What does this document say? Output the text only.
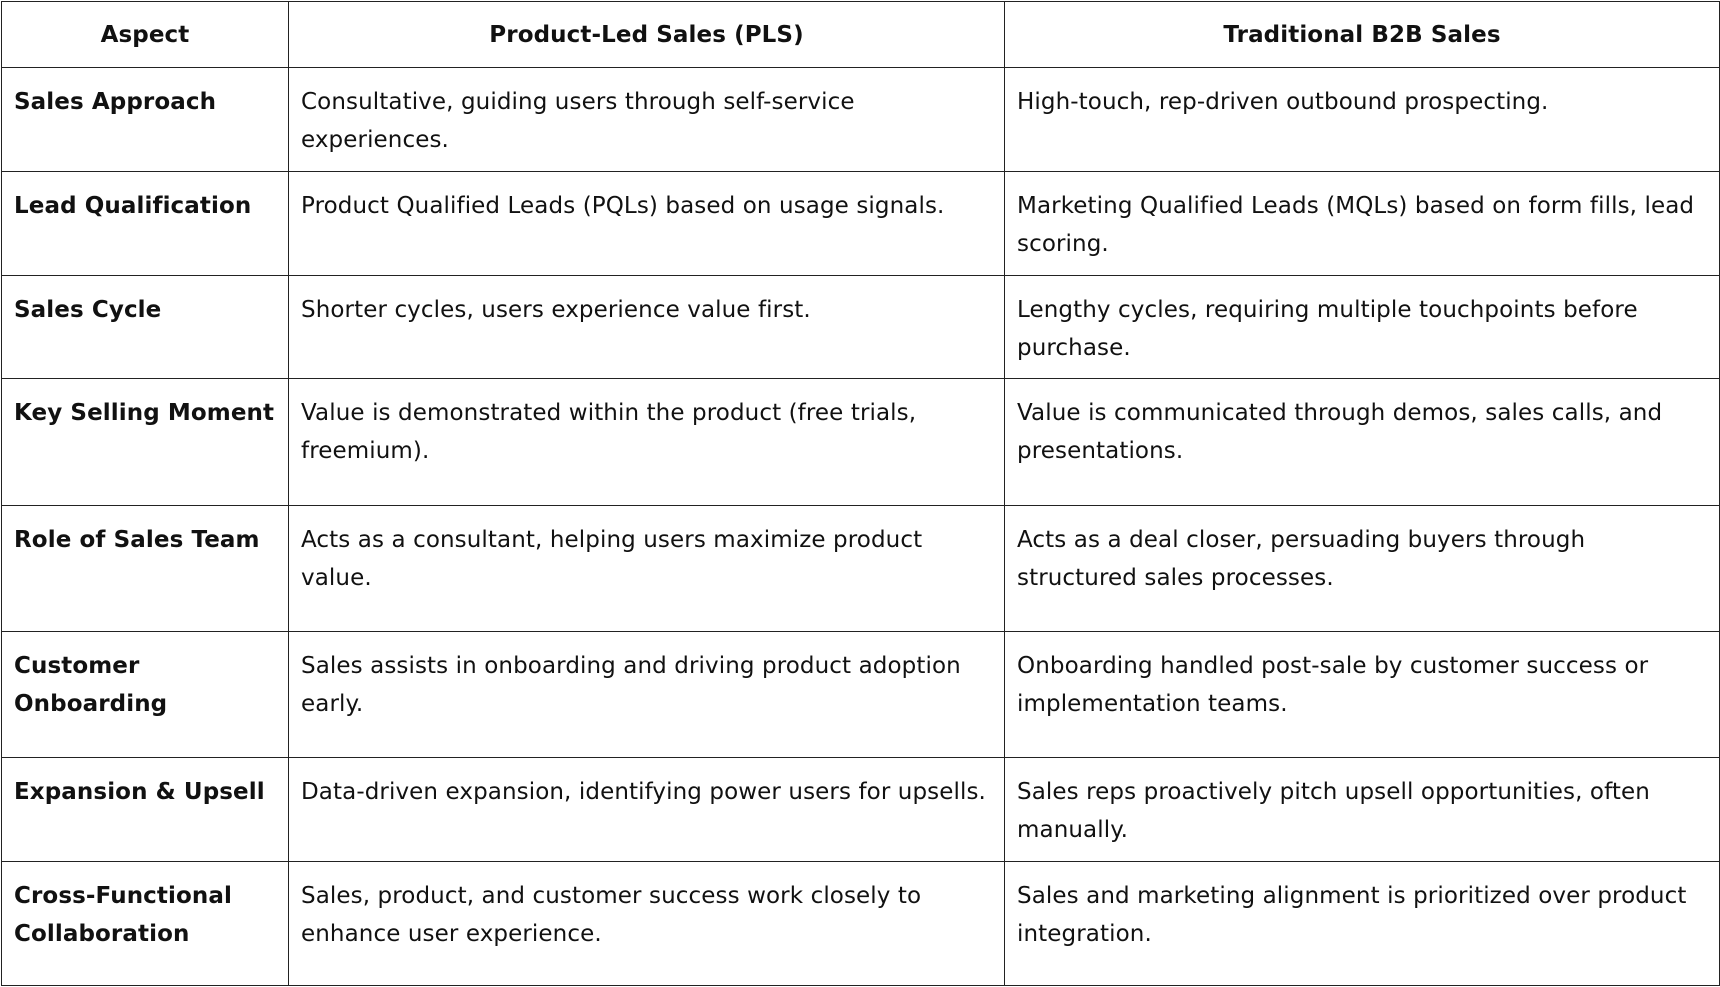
Aspect	Product-Led Sales (PLS)	Traditional B2B Sales
Sales Approach	Consultative, guiding users through self-service experiences.	High-touch, rep-driven outbound prospecting.
Lead Qualification	Product Qualified Leads (PQLs) based on usage signals.	Marketing Qualified Leads (MQLs) based on form fills, lead scoring.
Sales Cycle	Shorter cycles, users experience value first.	Lengthy cycles, requiring multiple touchpoints before purchase.
Key Selling Moment	Value is demonstrated within the product (free trials, freemium).	Value is communicated through demos, sales calls, and presentations.
Role of Sales Team	Acts as a consultant, helping users maximize product value.	Acts as a deal closer, persuading buyers through structured sales processes.
Customer Onboarding	Sales assists in onboarding and driving product adoption early.	Onboarding handled post-sale by customer success or implementation teams.
Expansion & Upsell	Data-driven expansion, identifying power users for upsells.	Sales reps proactively pitch upsell opportunities, often manually.
Cross-Functional Collaboration	Sales, product, and customer success work closely to enhance user experience.	Sales and marketing alignment is prioritized over product integration.
